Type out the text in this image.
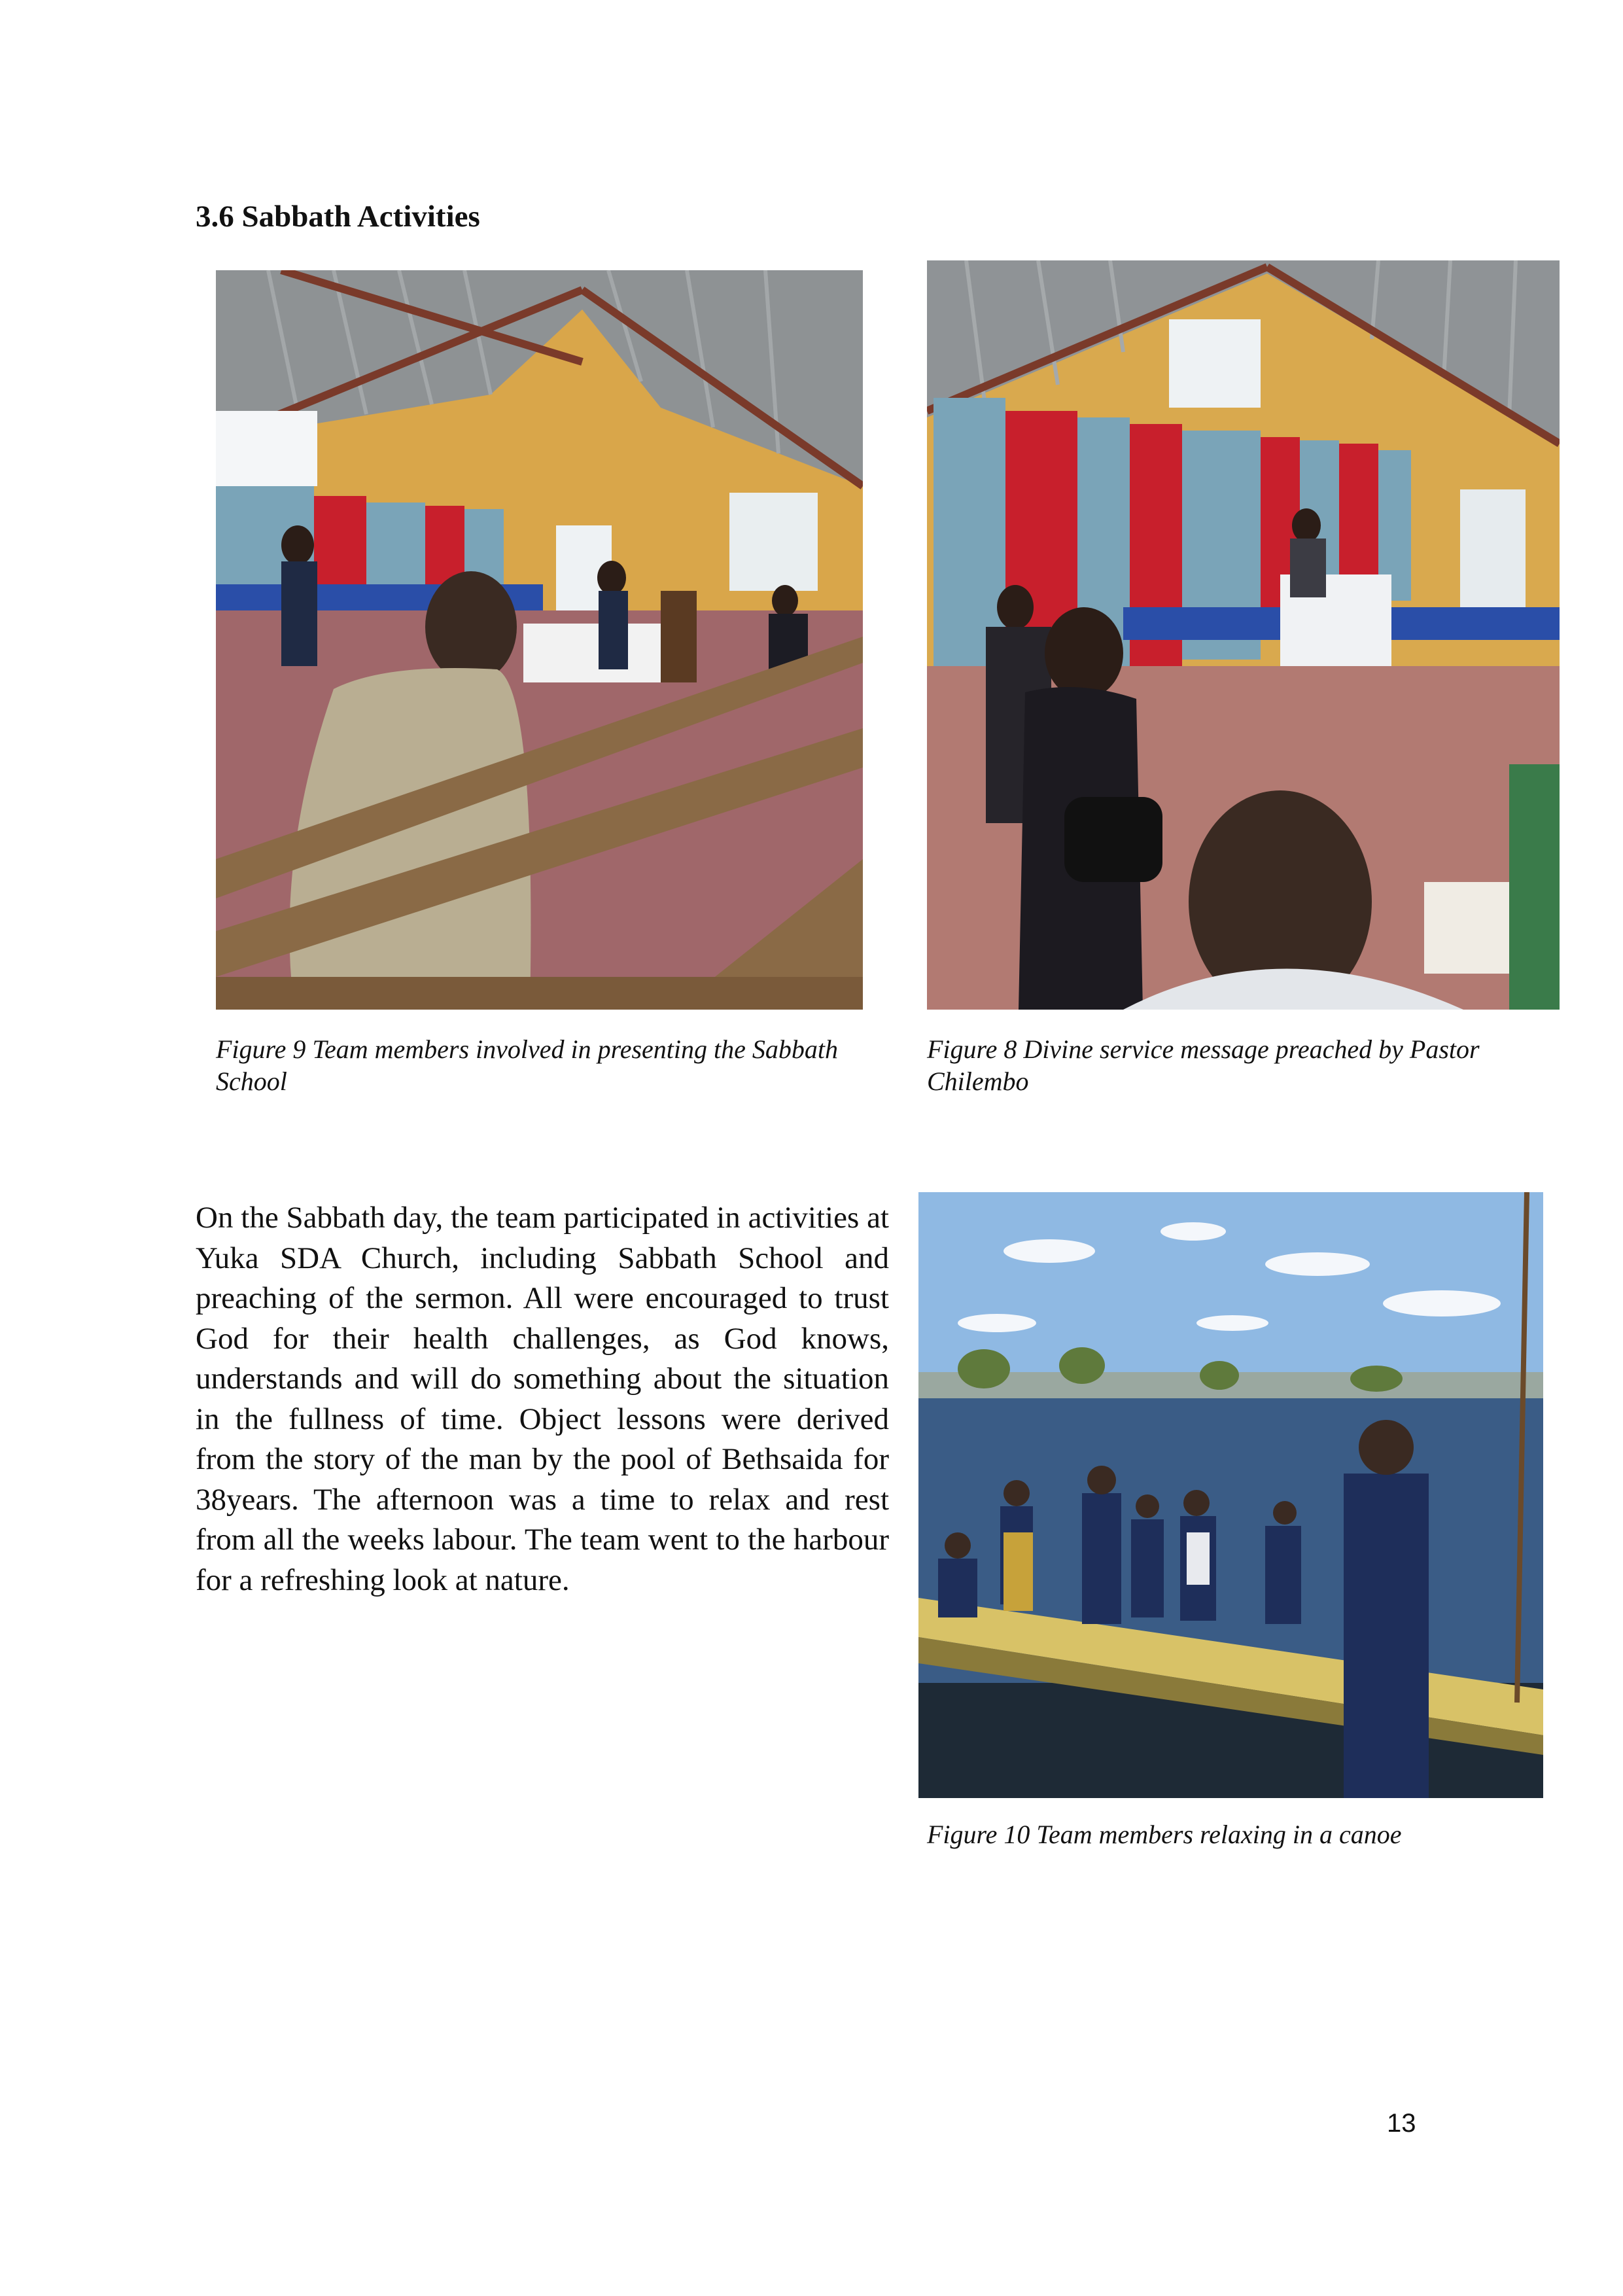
3.6 Sabbath Activities
Figure 9 Team members involved in presenting the Sabbath School
Figure 8 Divine service message preached by Pastor Chilembo
On the Sabbath day, the team participated in activities at Yuka SDA Church, including Sabbath School and preaching of the sermon. All were encouraged to trust God for their health challenges, as God knows, understands and will do something about the situation in the fullness of time. Object lessons were derived from the story of the man by the pool of Bethsaida for 38years. The afternoon was a time to relax and rest from all the weeks labour. The team went to the harbour for a refreshing look at nature.
Figure 10 Team members relaxing in a canoe
13
